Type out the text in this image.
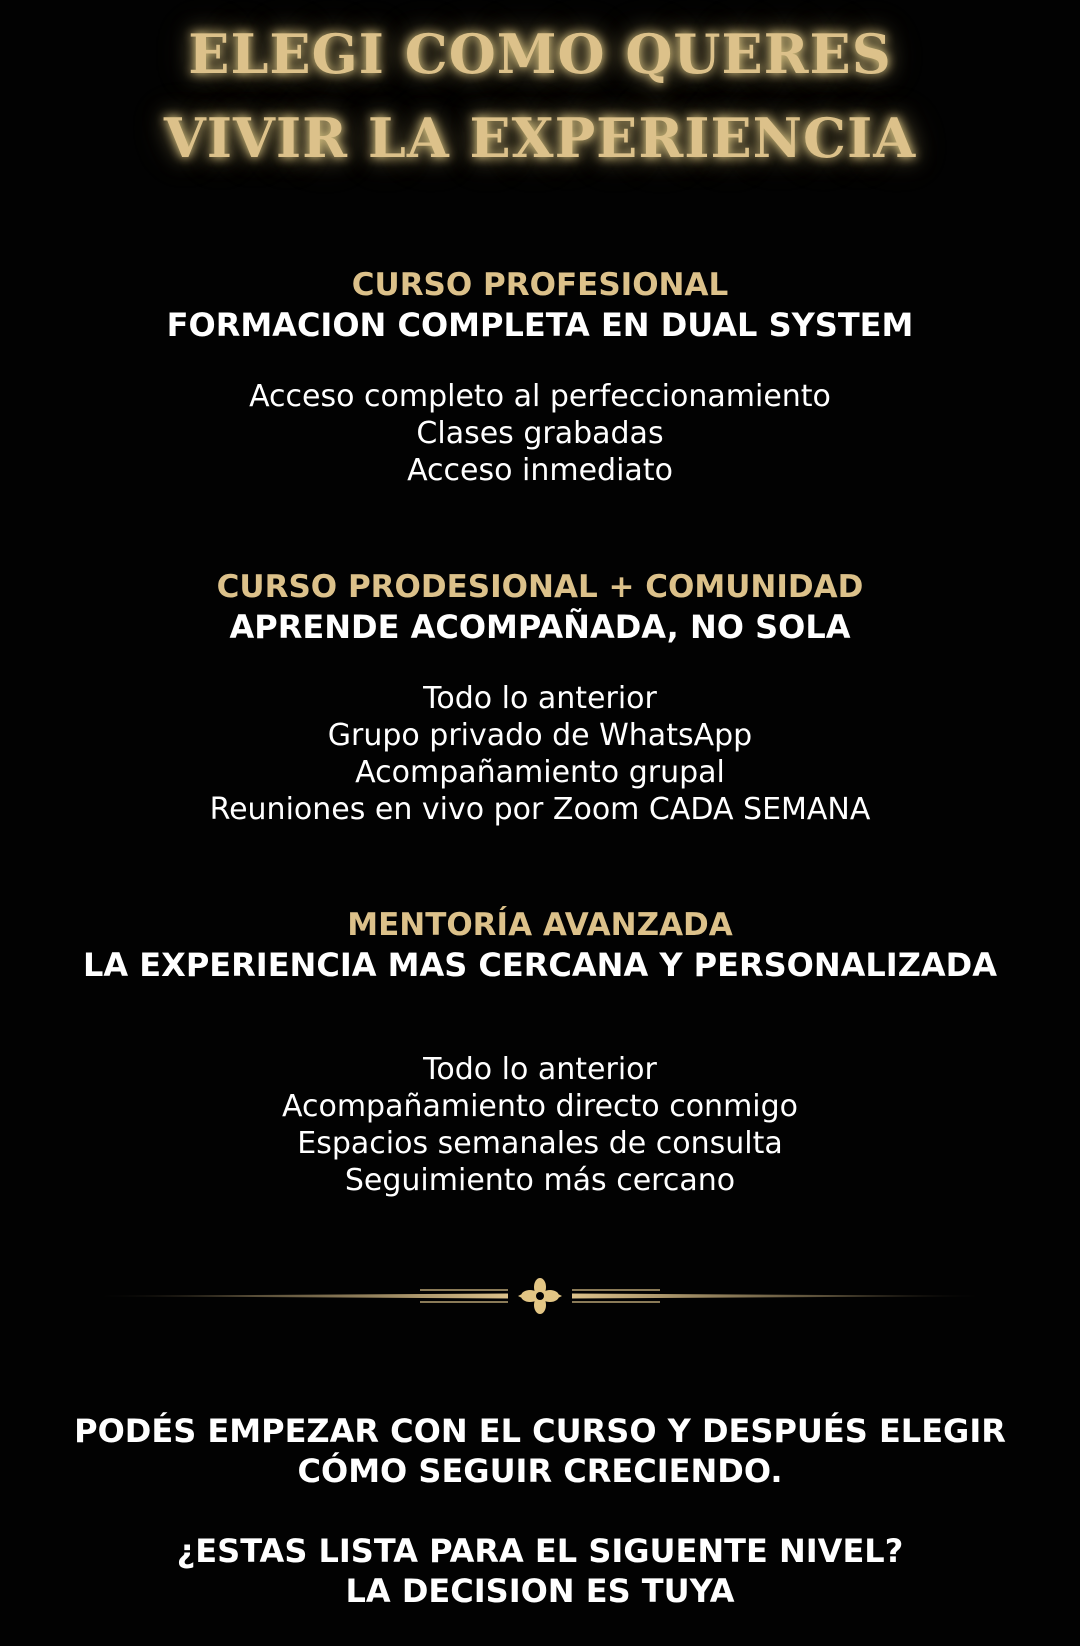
ELEGI COMO QUERES
VIVIR LA EXPERIENCIA
CURSO PROFESIONAL
FORMACION COMPLETA EN DUAL SYSTEM
Acceso completo al perfeccionamiento
Clases grabadas
Acceso inmediato
CURSO PRODESIONAL + COMUNIDAD
APRENDE ACOMPAÑADA, NO SOLA
Todo lo anterior
Grupo privado de WhatsApp
Acompañamiento grupal
Reuniones en vivo por Zoom CADA SEMANA
MENTORÍA AVANZADA
LA EXPERIENCIA MAS CERCANA Y PERSONALIZADA
Todo lo anterior
Acompañamiento directo conmigo
Espacios semanales de consulta
Seguimiento más cercano
PODÉS EMPEZAR CON EL CURSO Y DESPUÉS ELEGIR
CÓMO SEGUIR CRECIENDO.
¿ESTAS LISTA PARA EL SIGUENTE NIVEL?
LA DECISION ES TUYA
